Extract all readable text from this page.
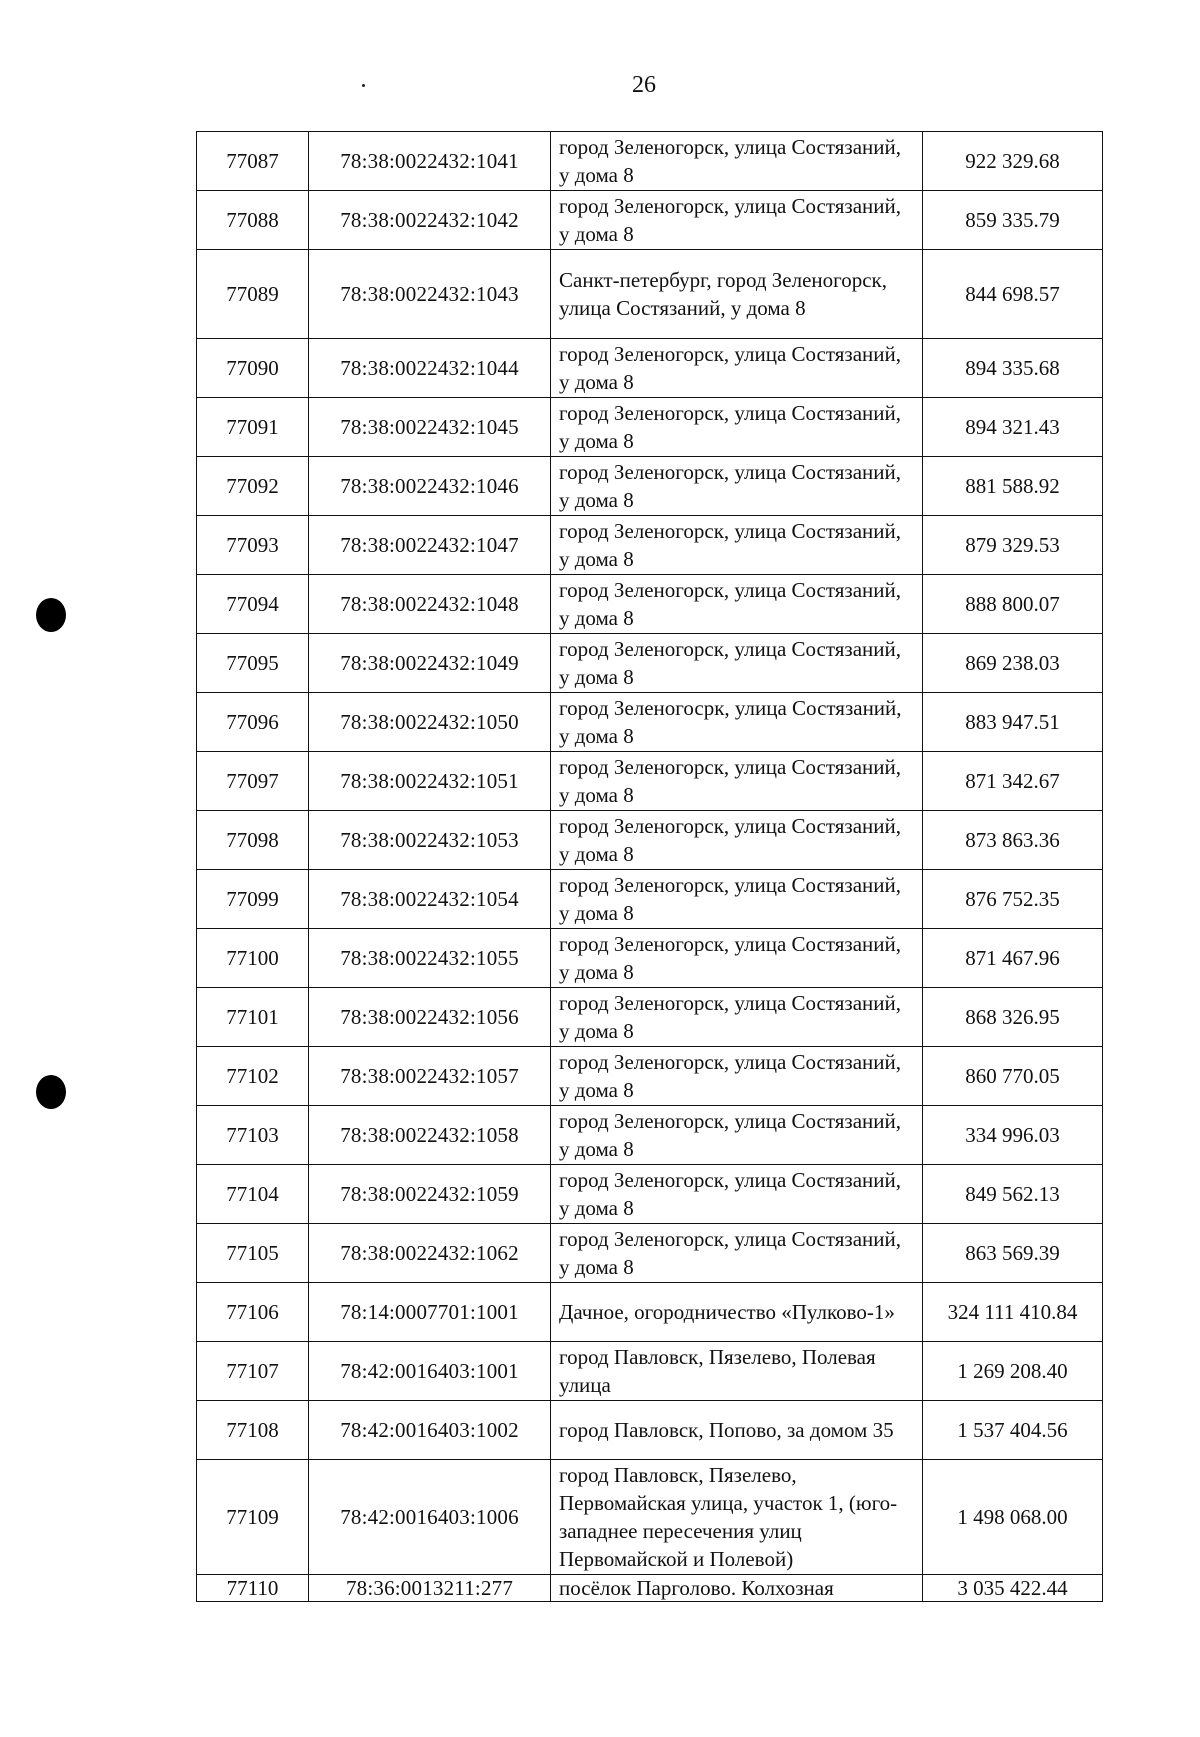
26
77087	78:38:0022432:1041	город Зеленогорск, улица Состязаний, у дома 8	922 329.68
77088	78:38:0022432:1042	город Зеленогорск, улица Состязаний, у дома 8	859 335.79
77089	78:38:0022432:1043	Санкт-петербург, город Зеленогорск, улица Состязаний, у дома 8	844 698.57
77090	78:38:0022432:1044	город Зеленогорск, улица Состязаний, у дома 8	894 335.68
77091	78:38:0022432:1045	город Зеленогорск, улица Состязаний, у дома 8	894 321.43
77092	78:38:0022432:1046	город Зеленогорск, улица Состязаний, у дома 8	881 588.92
77093	78:38:0022432:1047	город Зеленогорск, улица Состязаний, у дома 8	879 329.53
77094	78:38:0022432:1048	город Зеленогорск, улица Состязаний, у дома 8	888 800.07
77095	78:38:0022432:1049	город Зеленогорск, улица Состязаний, у дома 8	869 238.03
77096	78:38:0022432:1050	город Зеленогосрк, улица Состязаний, у дома 8	883 947.51
77097	78:38:0022432:1051	город Зеленогорск, улица Состязаний, у дома 8	871 342.67
77098	78:38:0022432:1053	город Зеленогорск, улица Состязаний, у дома 8	873 863.36
77099	78:38:0022432:1054	город Зеленогорск, улица Состязаний, у дома 8	876 752.35
77100	78:38:0022432:1055	город Зеленогорск, улица Состязаний, у дома 8	871 467.96
77101	78:38:0022432:1056	город Зеленогорск, улица Состязаний, у дома 8	868 326.95
77102	78:38:0022432:1057	город Зеленогорск, улица Состязаний, у дома 8	860 770.05
77103	78:38:0022432:1058	город Зеленогорск, улица Состязаний, у дома 8	334 996.03
77104	78:38:0022432:1059	город Зеленогорск, улица Состязаний, у дома 8	849 562.13
77105	78:38:0022432:1062	город Зеленогорск, улица Состязаний, у дома 8	863 569.39
77106	78:14:0007701:1001	Дачное, огородничество «Пулково-1»	324 111 410.84
77107	78:42:0016403:1001	город Павловск, Пязелево, Полевая улица	1 269 208.40
77108	78:42:0016403:1002	город Павловск, Попово, за домом 35	1 537 404.56
77109	78:42:0016403:1006	город Павловск, Пязелево, Первомайская улица, участок 1, (юго-западнее пересечения улиц Первомайской и Полевой)	1 498 068.00
77110	78:36:0013211:277	посёлок Парголово. Колхозная	3 035 422.44
